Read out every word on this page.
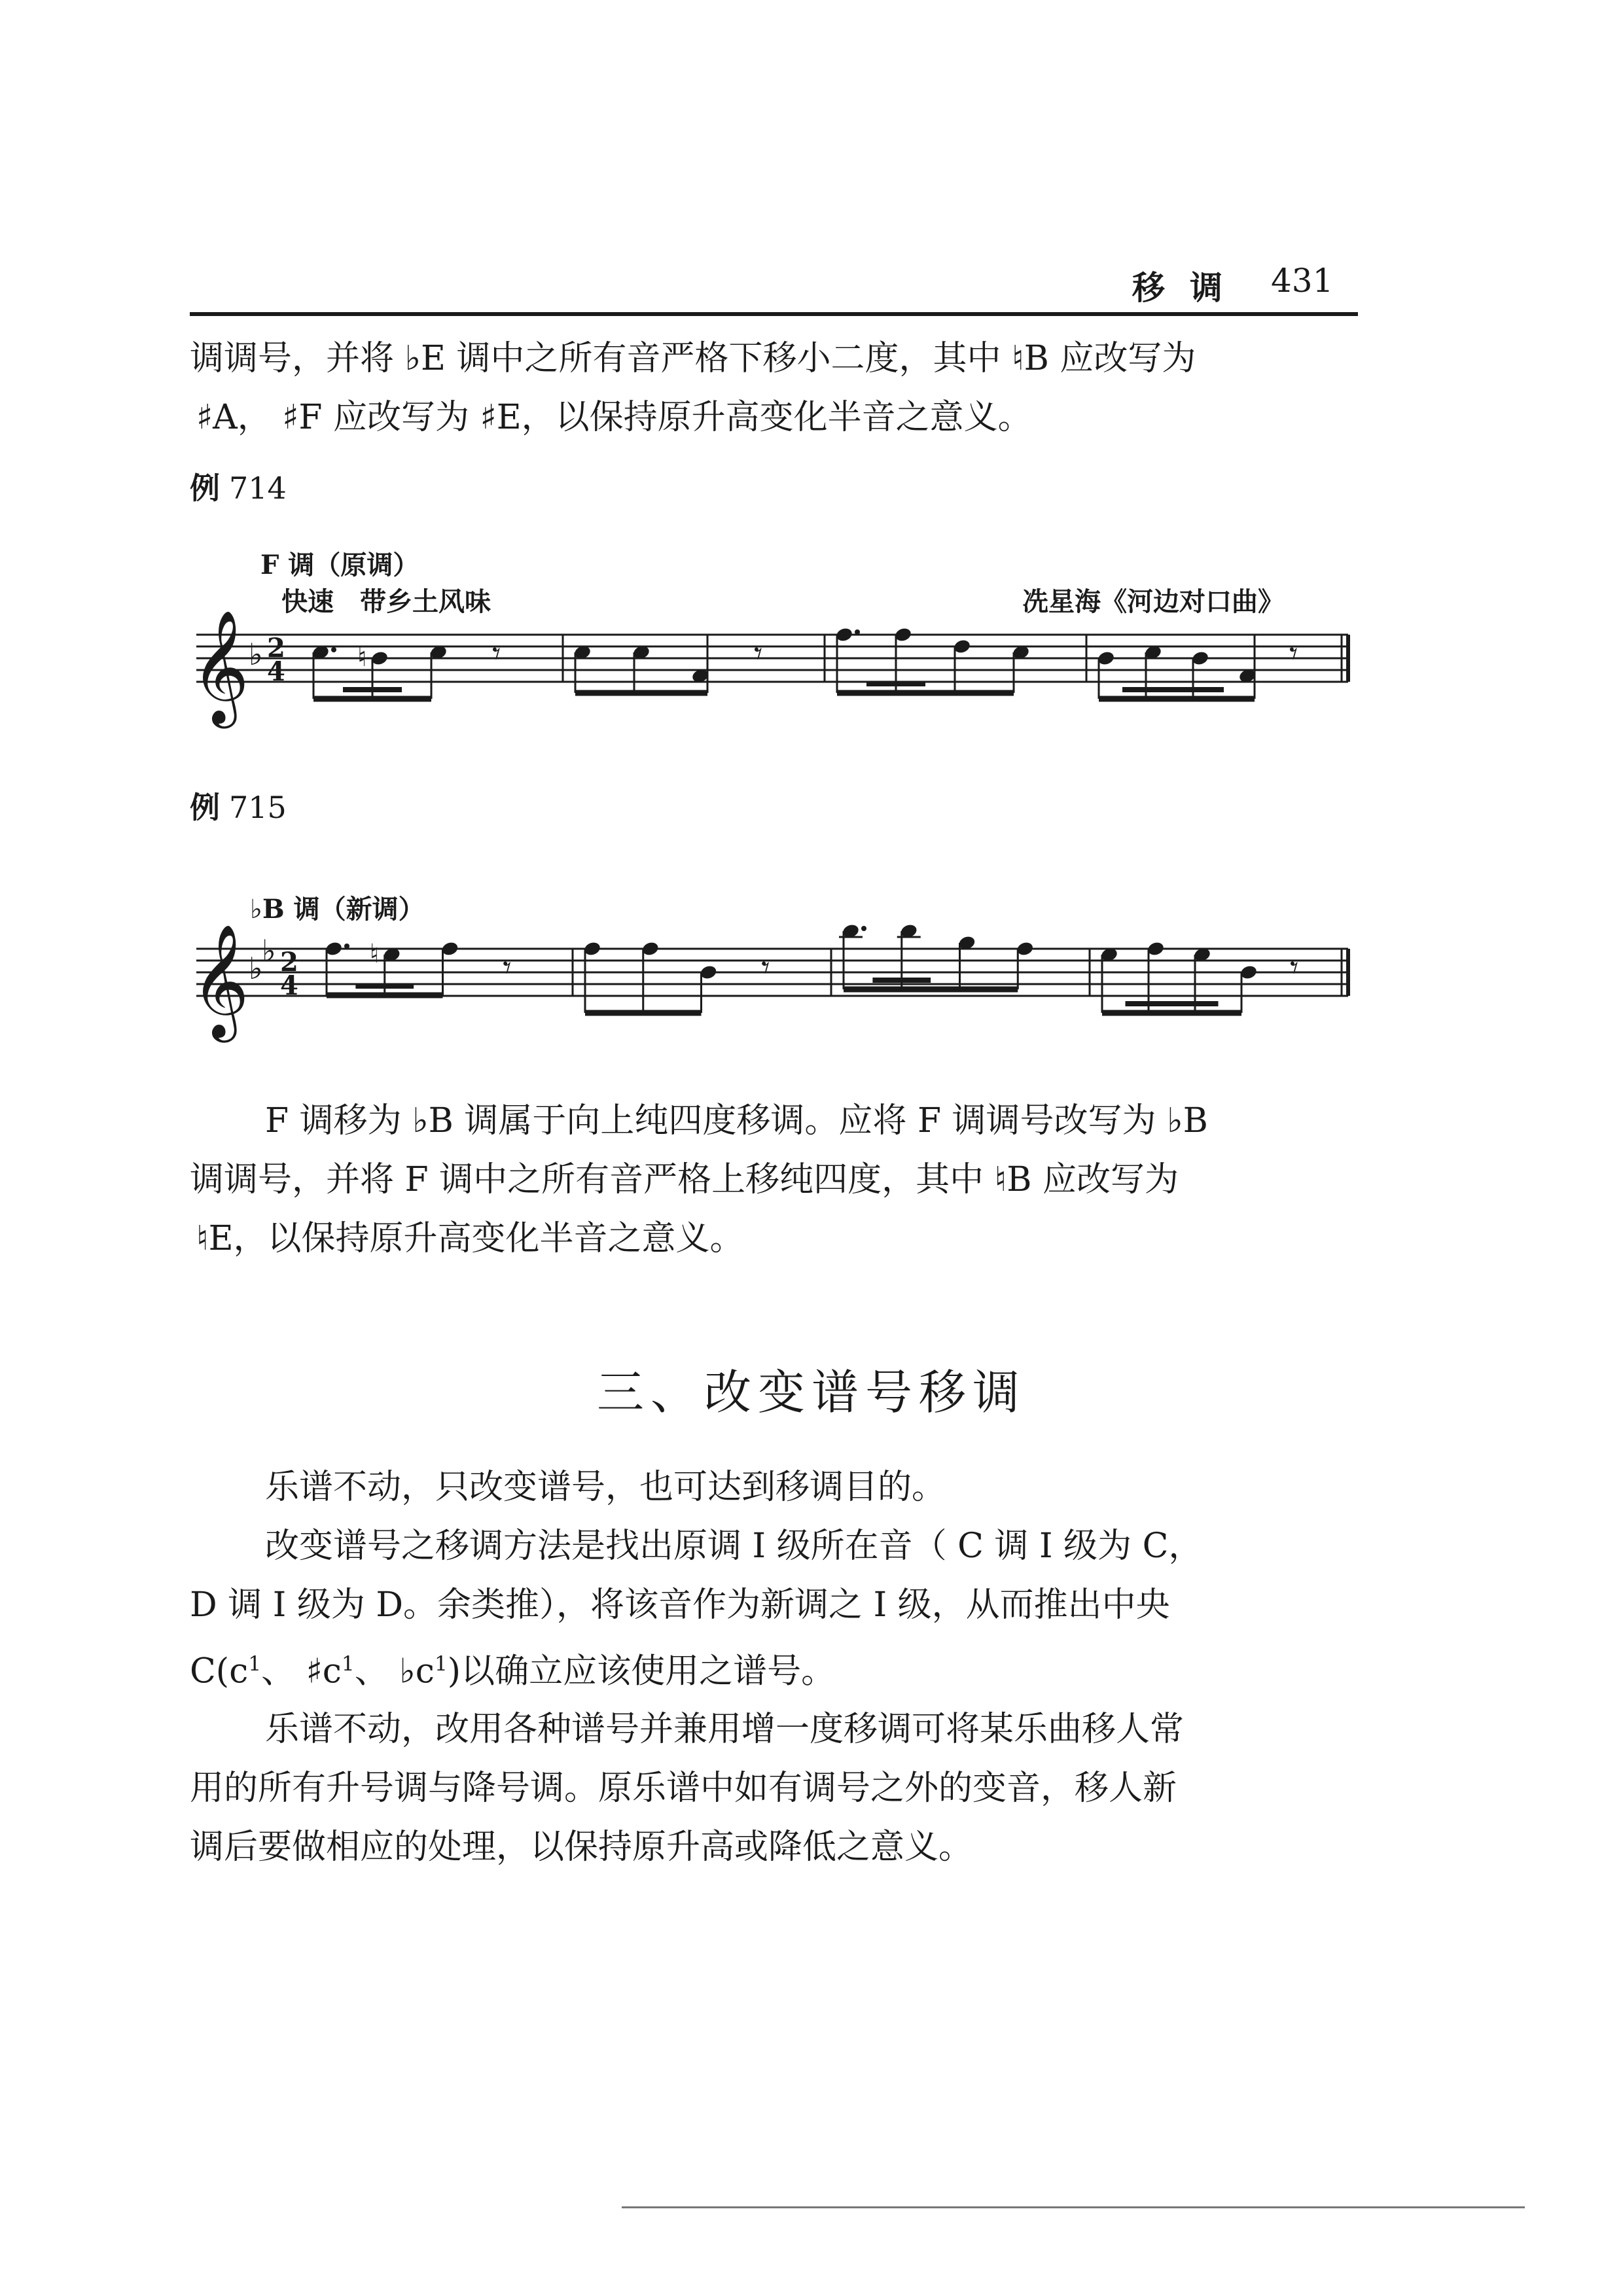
移调 431
调调号，并将 ♭E 调中之所有音严格下移小二度，其中 ♮B 应改写为
♯A， ♯F 应改写为 ♯E，以保持原升高变化半音之意义。
例 714
F 调（原调）
快速　带乡土风味	冼星海《河边对口曲》
𝄞 ♭ 2
4	♮	𝄾	𝄾	𝄾
例 715
♭B 调（新调）
𝄞 ♭
♭ 2
4
♮	𝄾	𝄾	𝄾
F 调移为 ♭B 调属于向上纯四度移调。应将 F 调调号改写为 ♭B
调调号，并将 F 调中之所有音严格上移纯四度，其中 ♮B 应改写为
♮E，以保持原升高变化半音之意义。
三、改变谱号移调
乐谱不动，只改变谱号，也可达到移调目的。
改变谱号之移调方法是找出原调 I 级所在音（ C 调 I 级为 C，
D 调 I 级为 D。余类推），将该音作为新调之 I 级，从而推出中央
$C(c^1$、 $♯c^1$、 $♭c^1$)以确立应该使用之谱号。
乐谱不动，改用各种谱号并兼用增一度移调可将某乐曲移人常
用的所有升号调与降号调。原乐谱中如有调号之外的变音，移人新
调后要做相应的处理，以保持原升高或降低之意义。
